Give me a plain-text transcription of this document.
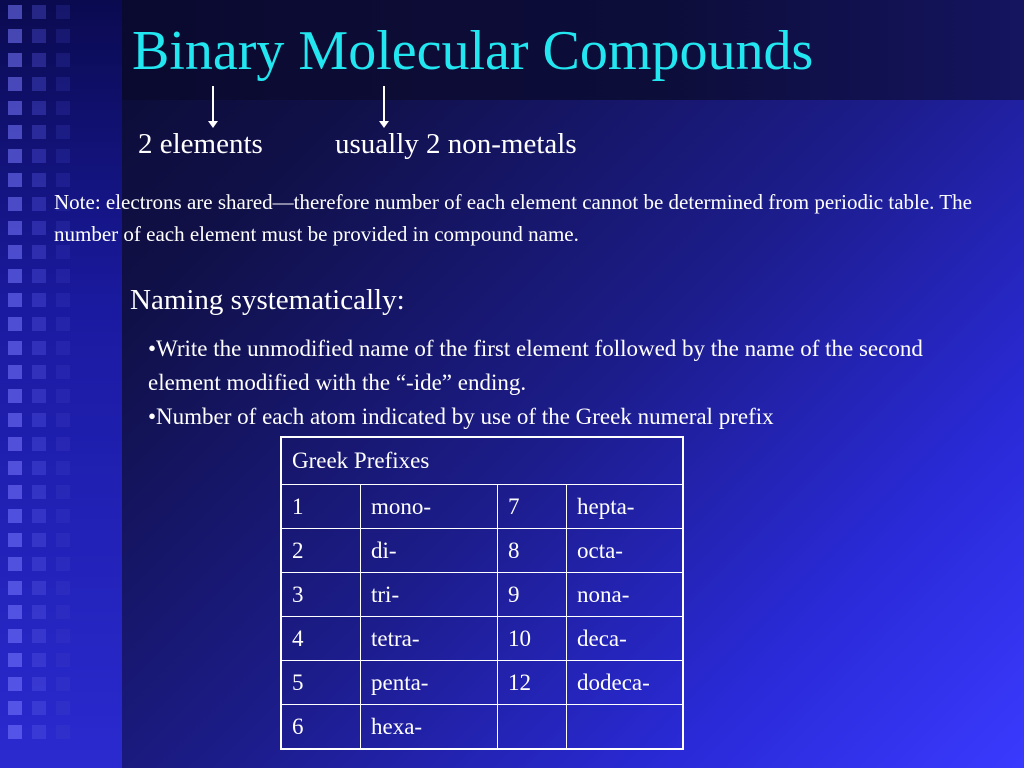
Binary Molecular Compounds
2 elements usually 2 non-metals
Note: electrons are shared—therefore number of each element cannot be determined from periodic table. The number of each element must be provided in compound name.
Naming systematically:

•Write the unmodified name of the first element followed by the name of the second element modified with the “-ide” ending.

•Number of each atom indicated by use of the Greek numeral prefix

Greek Prefixes			
1	mono-	7	hepta-
2	di-	8	octa-
3	tri-	9	nona-
4	tetra-	10	deca-
5	penta-	12	dodeca-
6	hexa-		
